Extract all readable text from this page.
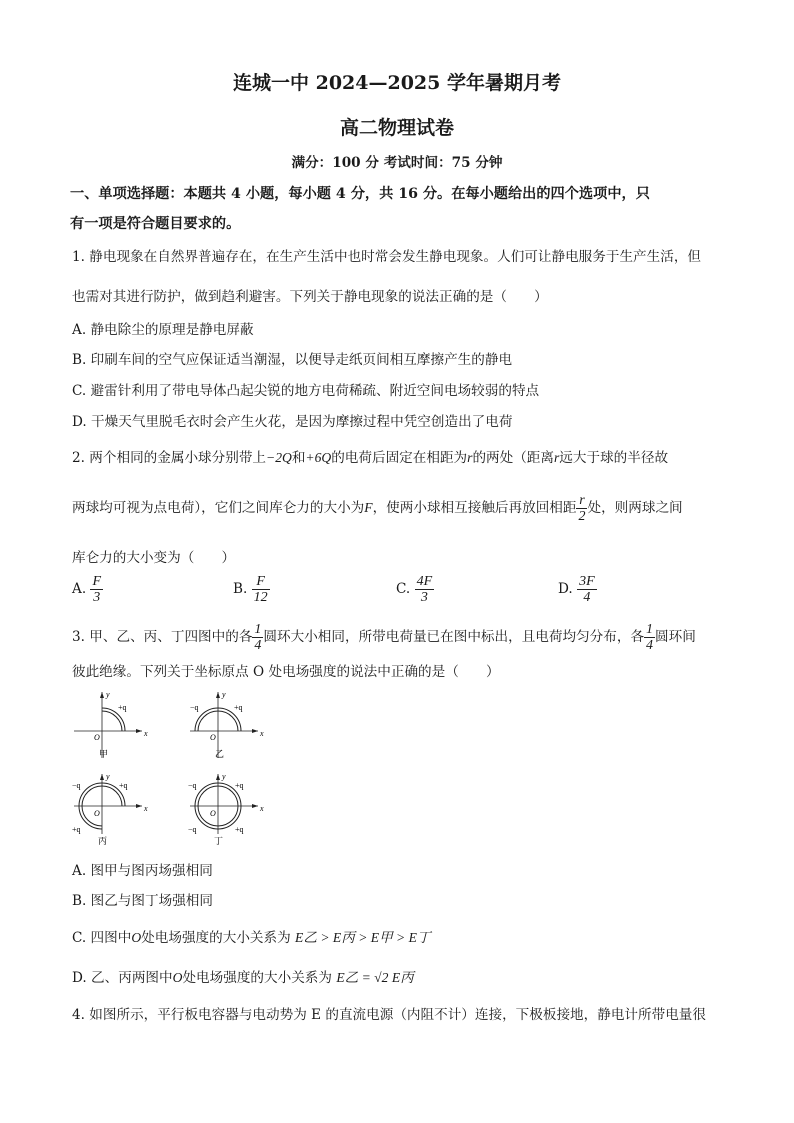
连城一中 2024—2025 学年暑期月考
高二物理试卷
满分：100 分 考试时间：75 分钟
一、单项选择题：本题共 4 小题，每小题 4 分，共 16 分。在每小题给出的四个选项中，只
有一项是符合题目要求的。
1. 静电现象在自然界普遍存在，在生产生活中也时常会发生静电现象。人们可让静电服务于生产生活，但
也需对其进行防护，做到趋利避害。下列关于静电现象的说法正确的是（　　）
A. 静电除尘的原理是静电屏蔽
B. 印刷车间的空气应保证适当潮湿，以便导走纸页间相互摩擦产生的静电
C. 避雷针利用了带电导体凸起尖锐的地方电荷稀疏、附近空间电场较弱的特点
D. 干燥天气里脱毛衣时会产生火花，是因为摩擦过程中凭空创造出了电荷
2. 两个相同的金属小球分别带上−2Q和+6Q的电荷后固定在相距为r的两处（距离r远大于球的半径故
两球均可视为点电荷），它们之间库仑力的大小为F，使两小球相互接触后再放回相距 $\frac{r}{2}$ 处，则两球之间
库仑力的大小变为（　　）
A. $\frac{F}{3}$	B. $\frac{F}{12}$	C. $\frac{4F}{3}$	D. $\frac{3F}{4}$
3. 甲、乙、丙、丁四图中的各 $\frac{1}{4}$ 圆环大小相同，所带电荷量已在图中标出，且电荷均匀分布，各 $\frac{1}{4}$ 圆环间
彼此绝缘。下列关于坐标原点 O 处电场强度的说法中正确的是（　　）
y
x
O
+q
甲
y
x
O
−q	+q
乙
y
x
O
−q	+q
+q
丙
y
x
O
−q	+q
−q	+q
丁
A. 图甲与图丙场强相同
B. 图乙与图丁场强相同
C. 四图中O处电场强度的大小关系为 E乙 > E丙 > E甲 > E丁
D. 乙、丙两图中O处电场强度的大小关系为 E乙 = √2 E丙
4. 如图所示，平行板电容器与电动势为 E 的直流电源（内阻不计）连接，下极板接地，静电计所带电量很
